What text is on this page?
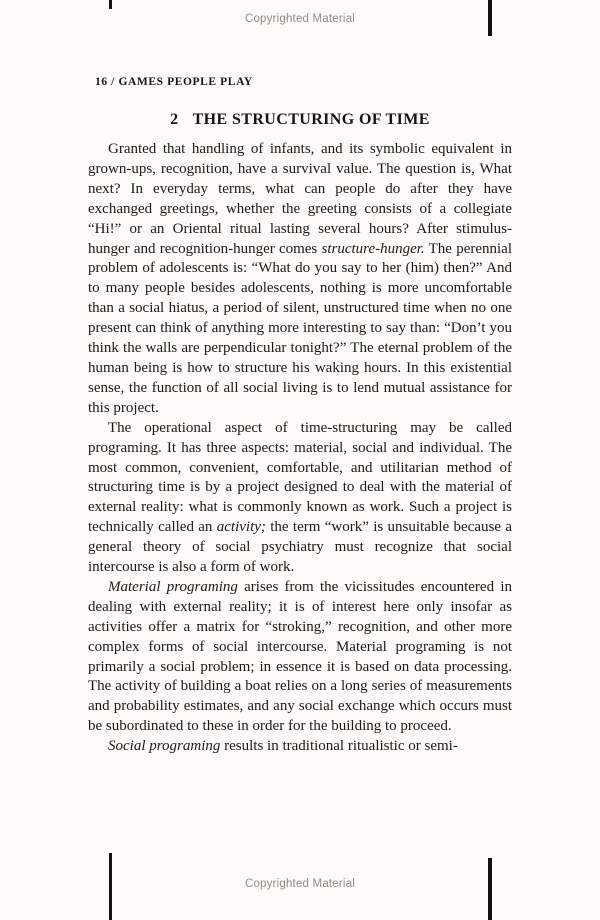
Copyrighted Material
16 / GAMES PEOPLE PLAY
2 THE STRUCTURING OF TIME

Granted that handling of infants, and its symbolic equivalent in grown-ups, recognition, have a survival value. The question is, What next? In everyday terms, what can people do after they have exchanged greetings, whether the greeting consists of a collegiate “Hi!” or an Oriental ritual lasting several hours? After stimulus-hunger and recognition-hunger comes structure-hunger. The perennial problem of adolescents is: “What do you say to her (him) then?” And to many people besides adolescents, nothing is more uncomfortable than a social hiatus, a period of silent, unstructured time when no one present can think of anything more interesting to say than: “Don’t you think the walls are perpendicular tonight?” The eternal problem of the human being is how to structure his waking hours. In this existential sense, the function of all social living is to lend mutual assistance for this project.

The operational aspect of time-structuring may be called programing. It has three aspects: material, social and individual. The most common, convenient, comfortable, and utilitarian method of structuring time is by a project designed to deal with the material of external reality: what is commonly known as work. Such a project is technically called an activity; the term “work” is unsuitable because a general theory of social psychiatry must recognize that social intercourse is also a form of work.

Material programing arises from the vicissitudes encountered in dealing with external reality; it is of interest here only insofar as activities offer a matrix for “stroking,” recognition, and other more complex forms of social intercourse. Material programing is not primarily a social problem; in essence it is based on data processing. The activity of building a boat relies on a long series of measurements and probability estimates, and any social exchange which occurs must be subordinated to these in order for the building to proceed.

Social programing results in traditional ritualistic or semi-

Copyrighted Material
